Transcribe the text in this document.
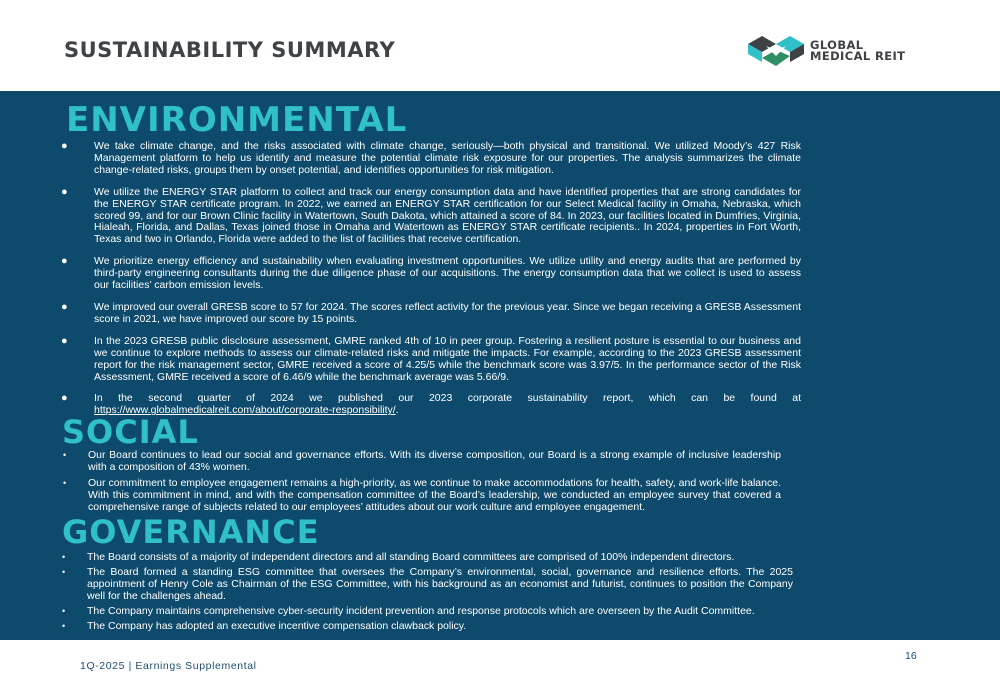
SUSTAINABILITY SUMMARY	GLOBAL
MEDICAL REIT
ENVIRONMENTAL
●	We take climate change, and the risks associated with climate change, seriously—both physical and transitional. We utilized Moody’s 427 Risk Management platform to help us identify and measure the potential climate risk exposure for our properties. The analysis summarizes the climate change-related risks, groups them by onset potential, and identifies opportunities for risk mitigation.
●	We utilize the ENERGY STAR platform to collect and track our energy consumption data and have identified properties that are strong candidates for the ENERGY STAR certificate program. In 2022, we earned an ENERGY STAR certification for our Select Medical facility in Omaha, Nebraska, which scored 99, and for our Brown Clinic facility in Watertown, South Dakota, which attained a score of 84. In 2023, our facilities located in Dumfries, Virginia, Hialeah, Florida, and Dallas, Texas joined those in Omaha and Watertown as ENERGY STAR certificate recipients.. In 2024, properties in Fort Worth, Texas and two in Orlando, Florida were added to the list of facilities that receive certification.
●	We prioritize energy efficiency and sustainability when evaluating investment opportunities. We utilize utility and energy audits that are performed by third-party engineering consultants during the due diligence phase of our acquisitions. The energy consumption data that we collect is used to assess our facilities’ carbon emission levels.
●	We improved our overall GRESB score to 57 for 2024. The scores reflect activity for the previous year. Since we began receiving a GRESB Assessment score in 2021, we have improved our score by 15 points.
●	In the 2023 GRESB public disclosure assessment, GMRE ranked 4th of 10 in peer group. Fostering a resilient posture is essential to our business and we continue to explore methods to assess our climate-related risks and mitigate the impacts. For example, according to the 2023 GRESB assessment report for the risk management sector, GMRE received a score of 4.25/5 while the benchmark score was 3.97/5. In the performance sector of the Risk Assessment, GMRE received a score of 6.46/9 while the benchmark average was 5.66/9.
●	In the second quarter of 2024 we published our 2023 corporate sustainability report, which can be found at https://www.globalmedicalreit.com/about/corporate-responsibility/.
SOCIAL
• Our Board continues to lead our social and governance efforts. With its diverse composition, our Board is a strong example of inclusive leadership with a composition of 43% women.
• Our commitment to employee engagement remains a high-priority, as we continue to make accommodations for health, safety, and work-life balance. With this commitment in mind, and with the compensation committee of the Board’s leadership, we conducted an employee survey that covered a comprehensive range of subjects related to our employees’ attitudes about our work culture and employee engagement.
GOVERNANCE
• The Board consists of a majority of independent directors and all standing Board committees are comprised of 100% independent directors.
• The Board formed a standing ESG committee that oversees the Company’s environmental, social, governance and resilience efforts. The 2025 appointment of Henry Cole as Chairman of the ESG Committee, with his background as an economist and futurist, continues to position the Company well for the challenges ahead.
• The Company maintains comprehensive cyber-security incident prevention and response protocols which are overseen by the Audit Committee.
• The Company has adopted an executive incentive compensation clawback policy.
1Q-2025 | Earnings Supplemental
16
